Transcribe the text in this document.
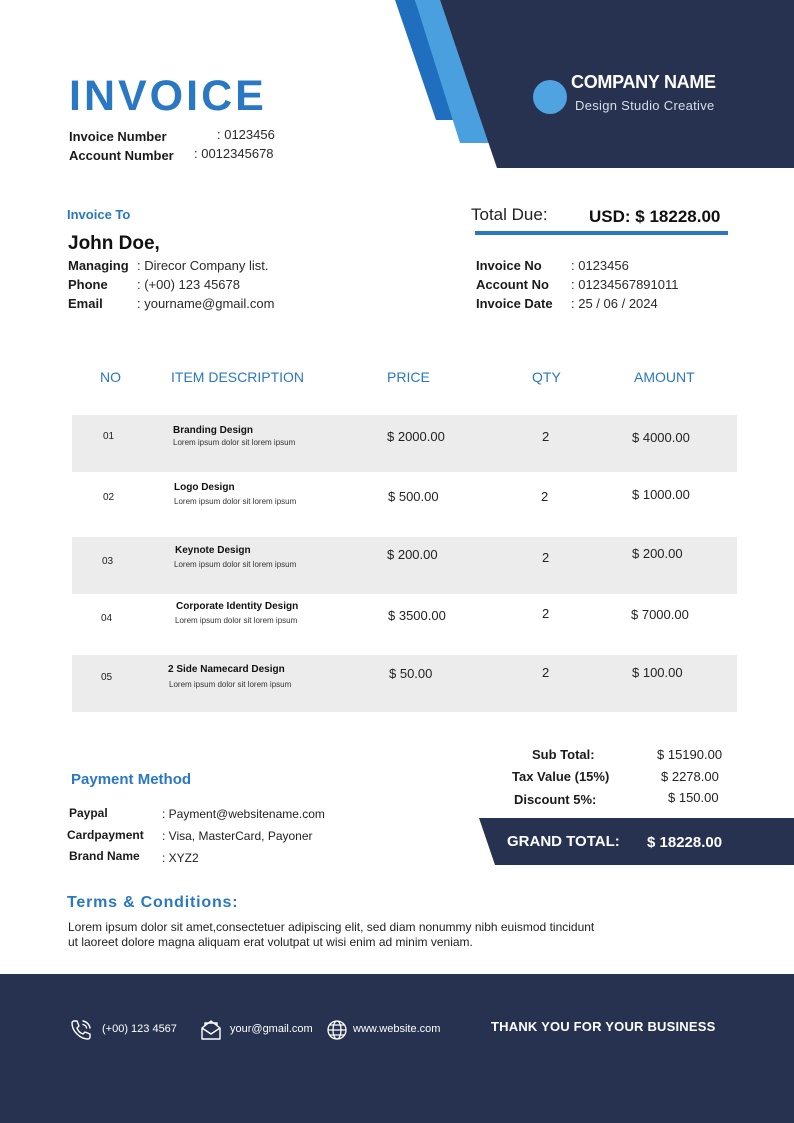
COMPANY NAME
Design Studio Creative
INVOICE
Invoice Number	: 0123456
Account Number : 0012345678
Invoice To
John Doe,
Managing : Direcor Company list.
Phone : (+00) 123 45678
Email	: yourname@gmail.com
Total Due: USD: $ 18228.00
Invoice No : 0123456
Account No : 01234567891011
Invoice Date : 25 / 06 / 2024
NO	ITEM DESCRIPTION	PRICE	QTY	AMOUNT
01
Branding Design
Lorem ipsum dolor sit lorem ipsum	$ 2000.00	2	$ 4000.00
02
Logo Design
Lorem ipsum dolor sit lorem ipsum	$ 500.00	2	$ 1000.00
03
Keynote Design
Lorem ipsum dolor sit lorem ipsum
$ 200.00	2	$ 200.00
04
Corporate Identity Design
Lorem ipsum dolor sit lorem ipsum	$ 3500.00	2	$ 7000.00
05
2 Side Namecard Design
Lorem ipsum dolor sit lorem ipsum
$ 50.00	2	$ 100.00
Sub Total:	$ 15190.00
Tax Value (15%)	$ 2278.00
Discount 5%:	$ 150.00
GRAND TOTAL: $ 18228.00
Payment Method
Paypal	: Payment@websitename.com
Cardpayment : Visa, MasterCard, Payoner
Brand Name : XYZ2
Terms & Conditions:
Lorem ipsum dolor sit amet,consectetuer adipiscing elit, sed diam nonummy nibh euismod tincidunt
ut laoreet dolore magna aliquam erat volutpat ut wisi enim ad minim veniam.
(+00) 123 4567	your@gmail.com	www.website.com	THANK YOU FOR YOUR BUSINESS
